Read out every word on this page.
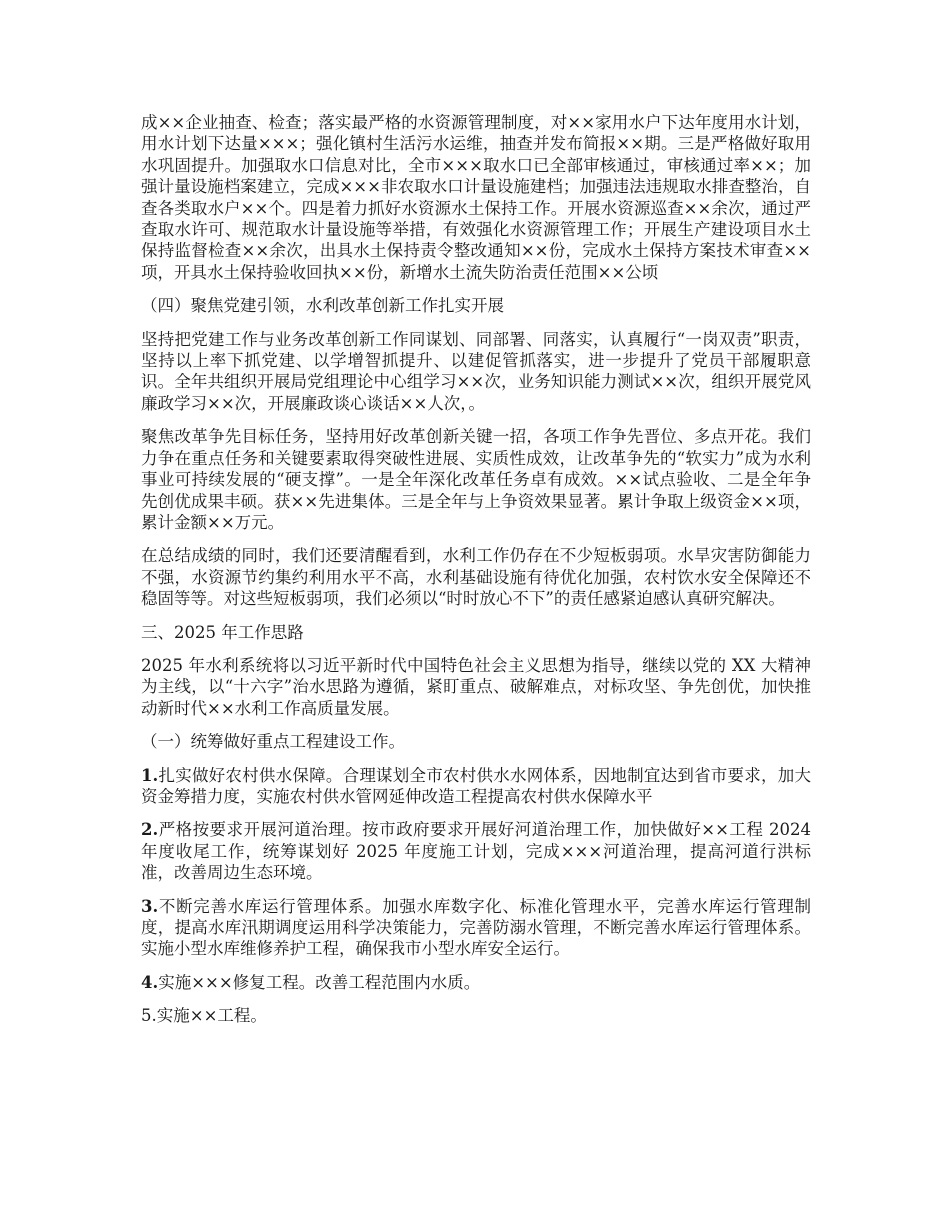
成××企业抽查、检查；落实最严格的水资源管理制度，对××家用水户下达年度用水计划，用水计划下达量×××；强化镇村生活污水运维，抽查并发布简报××期。三是严格做好取用水巩固提升。加强取水口信息对比，全市×××取水口已全部审核通过，审核通过率××；加强计量设施档案建立，完成×××非农取水口计量设施建档；加强违法违规取水排查整治，自查各类取水户××个。四是着力抓好水资源水土保持工作。开展水资源巡查××余次，通过严查取水许可、规范取水计量设施等举措，有效强化水资源管理工作；开展生产建设项目水土保持监督检查××余次，出具水土保持责令整改通知××份，完成水土保持方案技术审查××项，开具水土保持验收回执××份，新增水土流失防治责任范围××公顷

（四）聚焦党建引领，水利改革创新工作扎实开展

坚持把党建工作与业务改革创新工作同谋划、同部署、同落实，认真履行“一岗双责”职责，坚持以上率下抓党建、以学增智抓提升、以建促管抓落实，进一步提升了党员干部履职意识。全年共组织开展局党组理论中心组学习××次，业务知识能力测试××次，组织开展党风廉政学习××次，开展廉政谈心谈话××人次，。

聚焦改革争先目标任务，坚持用好改革创新关键一招，各项工作争先晋位、多点开花。我们力争在重点任务和关键要素取得突破性进展、实质性成效，让改革争先的“软实力”成为水利事业可持续发展的“硬支撑”。一是全年深化改革任务卓有成效。××试点验收、二是全年争先创优成果丰硕。获××先进集体。三是全年与上争资效果显著。累计争取上级资金××项，累计金额××万元。

在总结成绩的同时，我们还要清醒看到，水利工作仍存在不少短板弱项。水旱灾害防御能力不强，水资源节约集约利用水平不高，水利基础设施有待优化加强，农村饮水安全保障还不稳固等等。对这些短板弱项，我们必须以“时时放心不下”的责任感紧迫感认真研究解决。

三、2025 年工作思路

2025 年水利系统将以习近平新时代中国特色社会主义思想为指导，继续以党的 XX 大精神为主线，以“十六字”治水思路为遵循，紧盯重点、破解难点，对标攻坚、争先创优，加快推动新时代××水利工作高质量发展。

（一）统筹做好重点工程建设工作。

1.扎实做好农村供水保障。合理谋划全市农村供水水网体系，因地制宜达到省市要求，加大资金筹措力度，实施农村供水管网延伸改造工程提高农村供水保障水平

2.严格按要求开展河道治理。按市政府要求开展好河道治理工作，加快做好××工程 2024 年度收尾工作，统筹谋划好 2025 年度施工计划，完成×××河道治理，提高河道行洪标准，改善周边生态环境。

3.不断完善水库运行管理体系。加强水库数字化、标准化管理水平，完善水库运行管理制度，提高水库汛期调度运用科学决策能力，完善防溺水管理，不断完善水库运行管理体系。实施小型水库维修养护工程，确保我市小型水库安全运行。

4.实施×××修复工程。改善工程范围内水质。

5.实施××工程。
